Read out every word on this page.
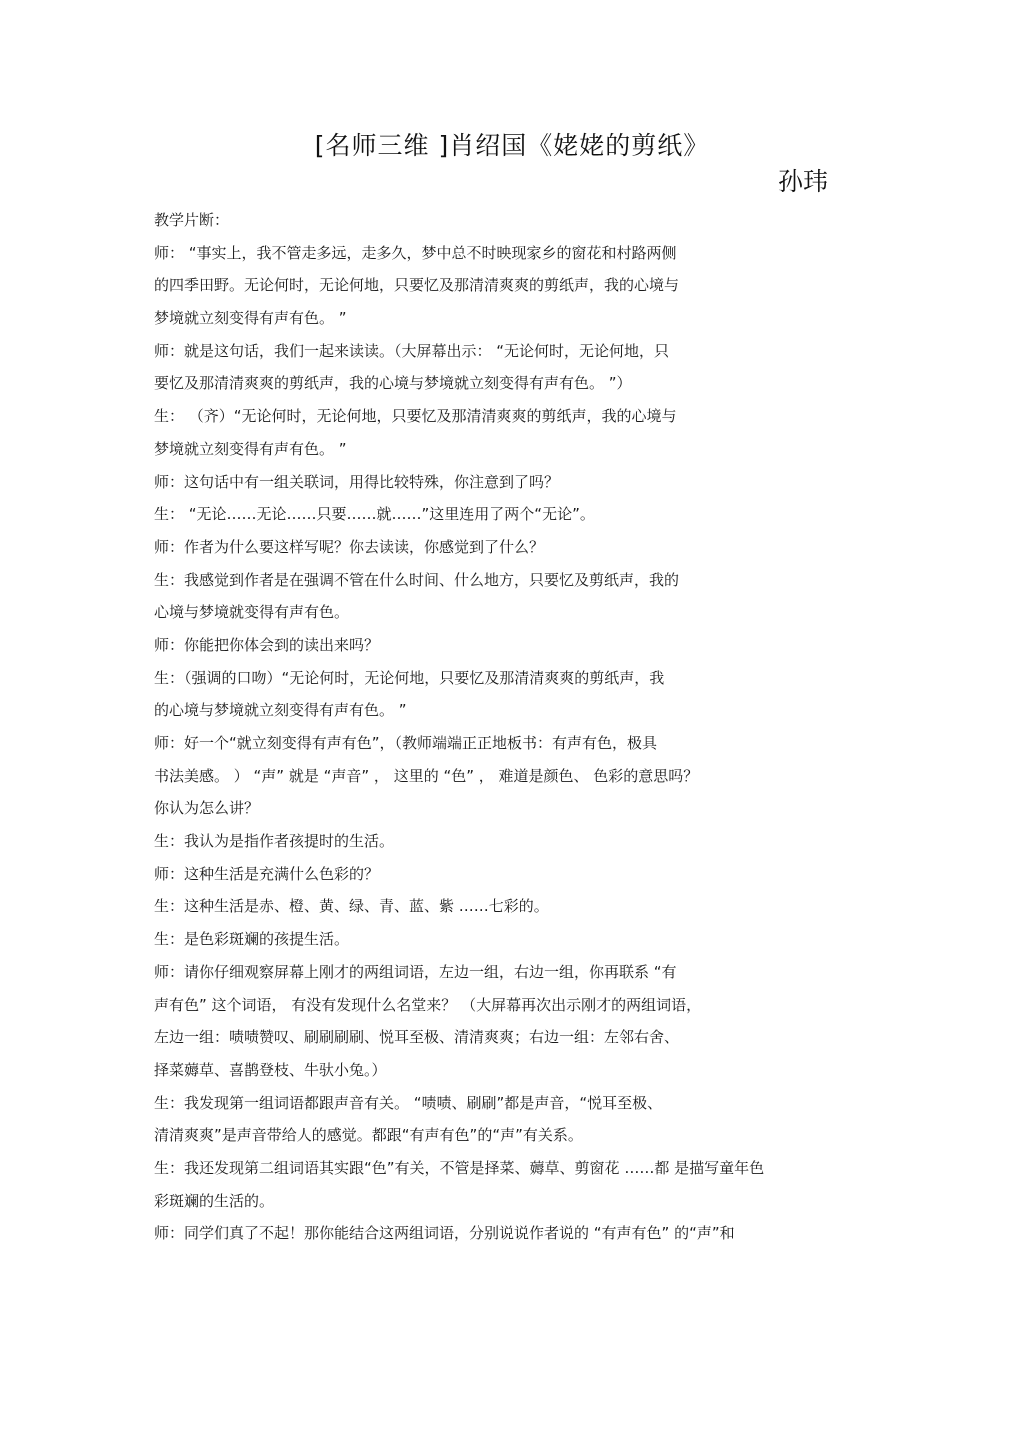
[名师三维 ]肖绍国《姥姥的剪纸》
孙玮
教学片断：
师： “事实上，我不管走多远，走多久，梦中总不时映现家乡的窗花和村路两侧
的四季田野。无论何时，无论何地，只要忆及那清清爽爽的剪纸声，我的心境与
梦境就立刻变得有声有色。 ”
师：就是这句话，我们一起来读读。（大屏幕出示： “无论何时，无论何地，只
要忆及那清清爽爽的剪纸声，我的心境与梦境就立刻变得有声有色。 ”）
生： （齐）“无论何时，无论何地，只要忆及那清清爽爽的剪纸声，我的心境与
梦境就立刻变得有声有色。 ”
师：这句话中有一组关联词，用得比较特殊，你注意到了吗？
生： “无论……无论……只要……就……”这里连用了两个“无论”。
师：作者为什么要这样写呢？你去读读，你感觉到了什么？
生：我感觉到作者是在强调不管在什么时间、什么地方，只要忆及剪纸声，我的
心境与梦境就变得有声有色。
师：你能把你体会到的读出来吗？
生：（强调的口吻）“无论何时，无论何地，只要忆及那清清爽爽的剪纸声，我
的心境与梦境就立刻变得有声有色。 ”
师：好一个“就立刻变得有声有色”，（教师端端正正地板书：有声有色，极具
书法美感。 ） “声” 就是 “声音” ， 这里的 “色” ， 难道是颜色、 色彩的意思吗？
你认为怎么讲？
生：我认为是指作者孩提时的生活。
师：这种生活是充满什么色彩的？
生：这种生活是赤、橙、黄、绿、青、蓝、紫 ……七彩的。
生：是色彩斑斓的孩提生活。
师：请你仔细观察屏幕上刚才的两组词语，左边一组，右边一组，你再联系 “有
声有色” 这个词语， 有没有发现什么名堂来？ （大屏幕再次出示刚才的两组词语，
左边一组：啧啧赞叹、刷刷刷刷、悦耳至极、清清爽爽；右边一组：左邻右舍、
择菜薅草、喜鹊登枝、牛驮小兔。）
生：我发现第一组词语都跟声音有关。 “啧啧、刷刷”都是声音，“悦耳至极、
清清爽爽”是声音带给人的感觉。都跟“有声有色”的“声”有关系。
生：我还发现第二组词语其实跟“色”有关，不管是择菜、薅草、剪窗花 ……都 是描写童年色
彩斑斓的生活的。
师：同学们真了不起！那你能结合这两组词语，分别说说作者说的 “有声有色” 的“声”和
